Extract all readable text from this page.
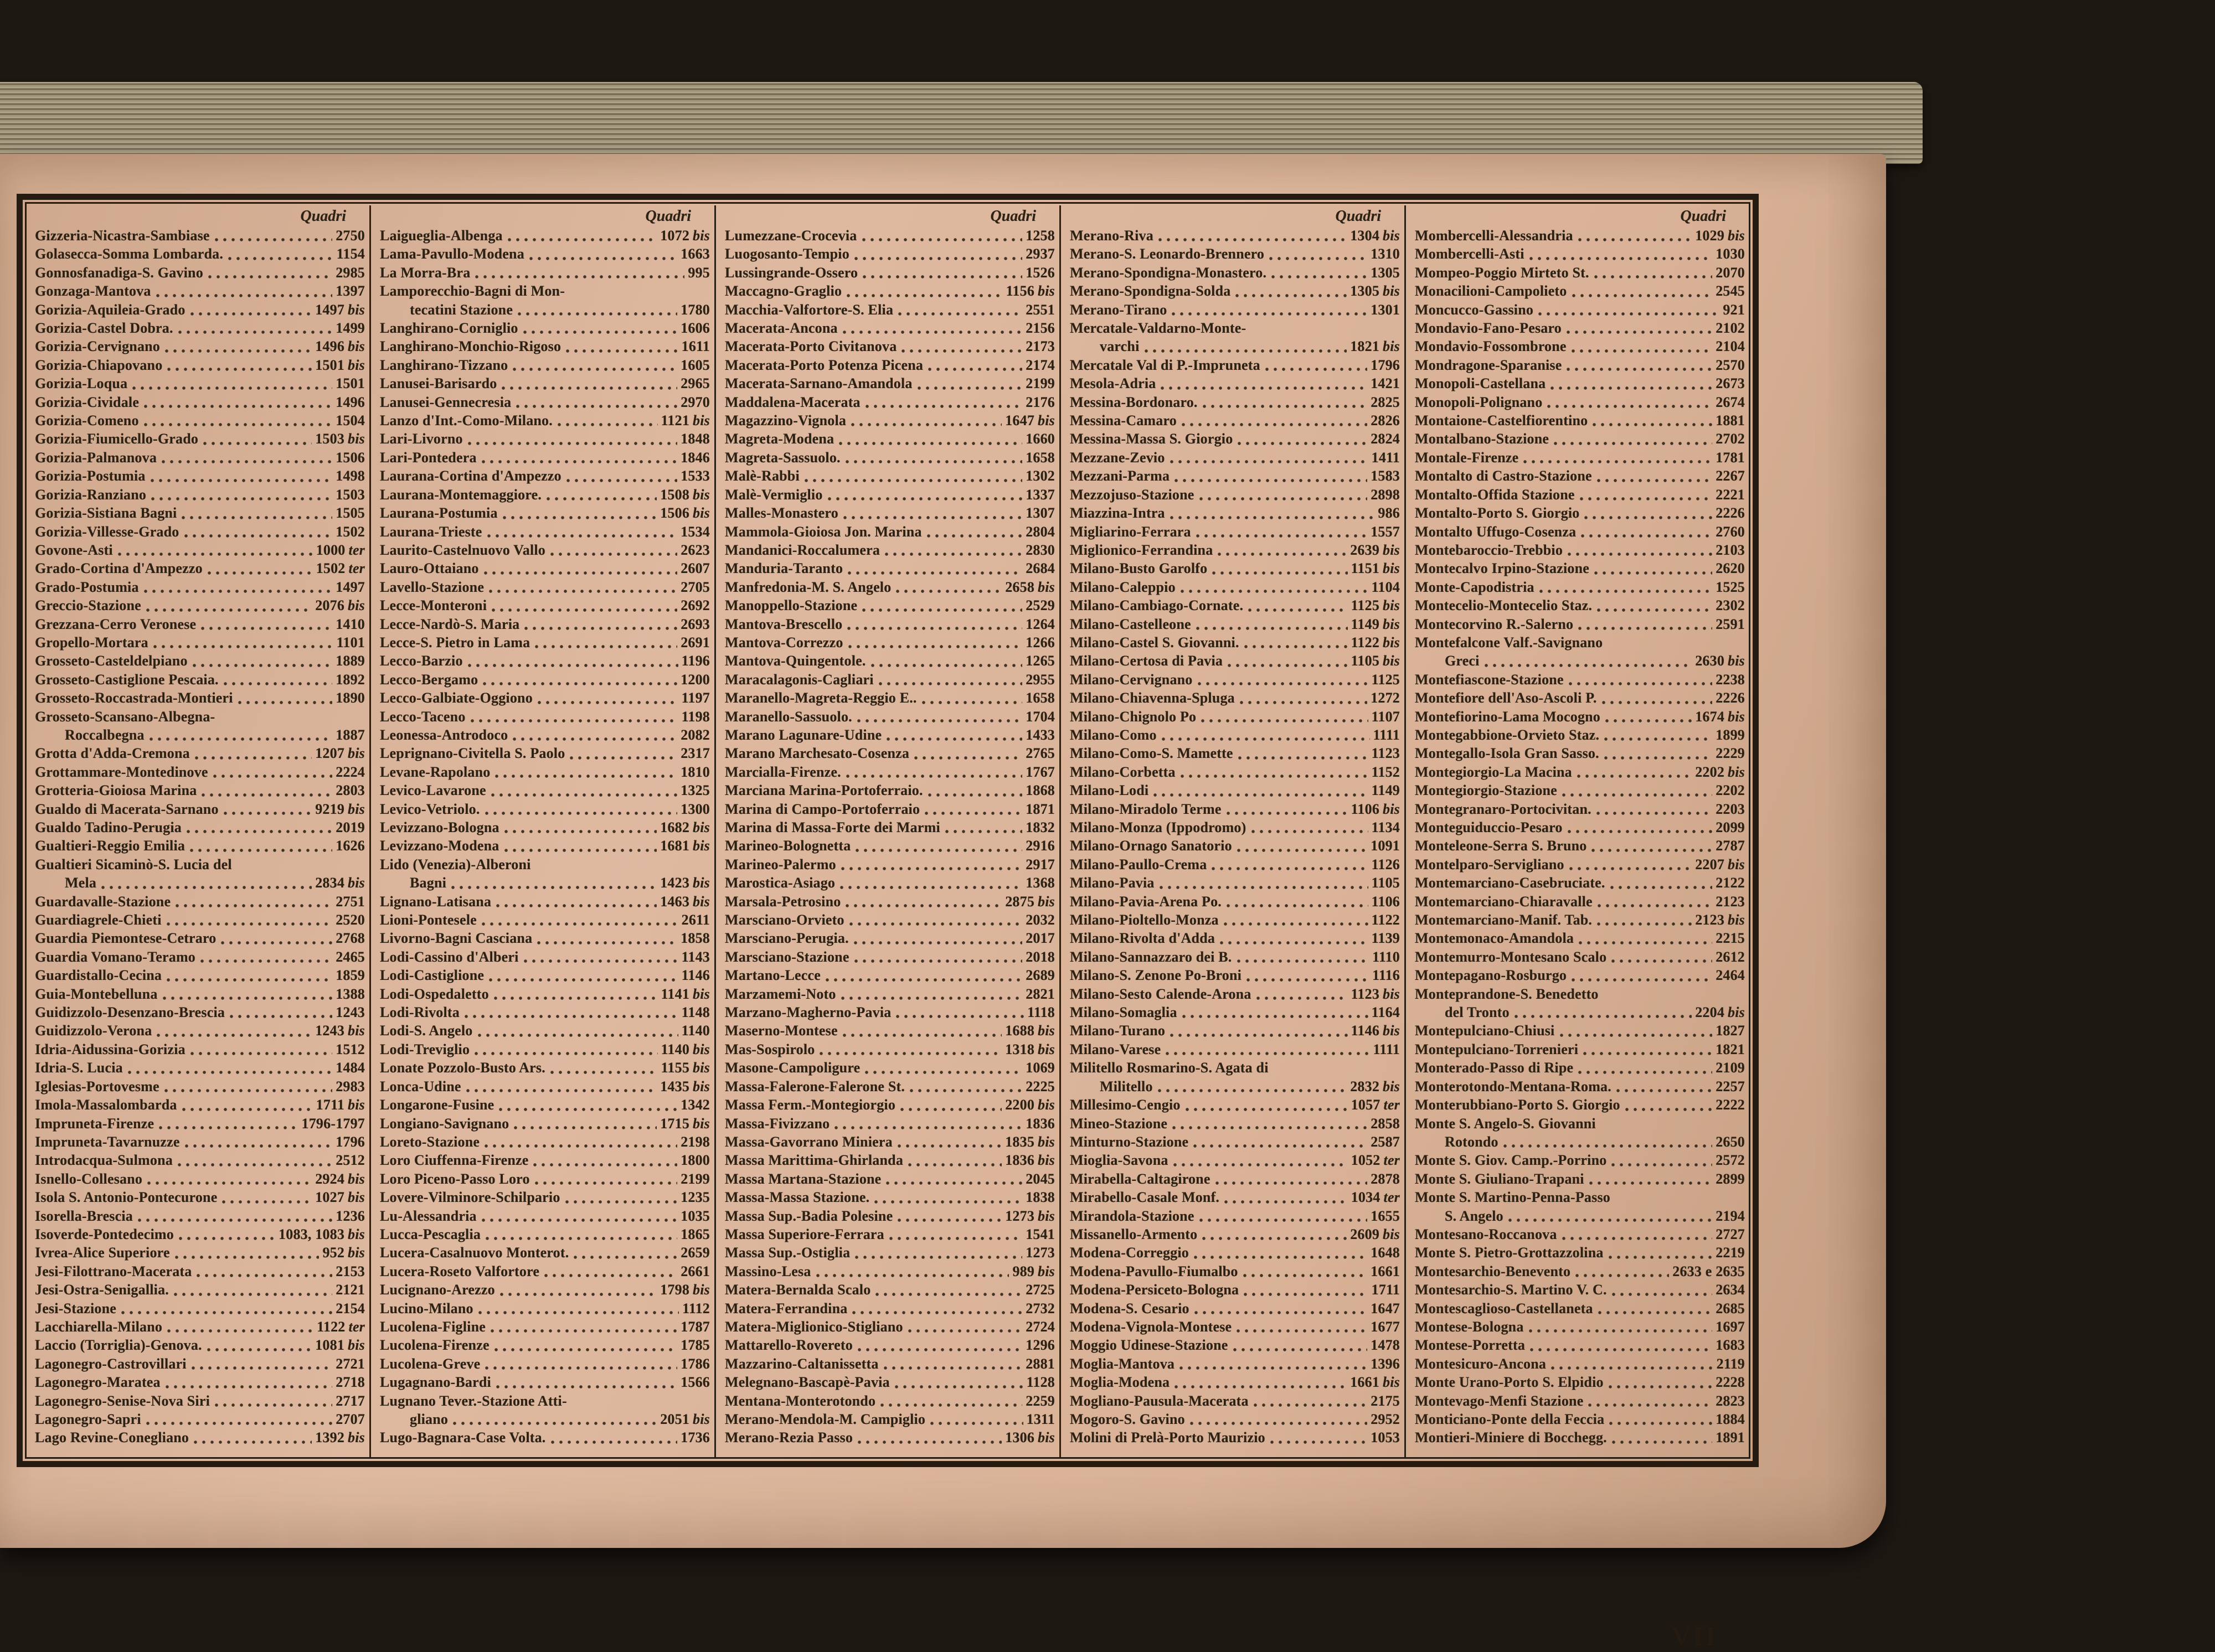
VII
Quadri
Gizzeria-Nicastra-Sambiase	2750
Golasecca-Somma Lombarda.	1154
Gonnosfanadiga-S. Gavino	2985
Gonzaga-Mantova	1397
Gorizia-Aquileia-Grado	1497 bis
Gorizia-Castel Dobra.	1499
Gorizia-Cervignano	1496 bis
Gorizia-Chiapovano	1501 bis
Gorizia-Loqua	1501
Gorizia-Cividale	1496
Gorizia-Comeno	1504
Gorizia-Fiumicello-Grado	1503 bis
Gorizia-Palmanova	1506
Gorizia-Postumia	1498
Gorizia-Ranziano	1503
Gorizia-Sistiana Bagni	1505
Gorizia-Villesse-Grado	1502
Govone-Asti	1000 ter
Grado-Cortina d'Ampezzo	1502 ter
Grado-Postumia	1497
Greccio-Stazione	2076 bis
Grezzana-Cerro Veronese	1410
Gropello-Mortara	1101
Grosseto-Casteldelpiano	1889
Grosseto-Castiglione Pescaia.	1892
Grosseto-Roccastrada-Montieri	1890
Grosseto-Scansano-Albegna-
Roccalbegna	1887
Grotta d'Adda-Cremona	1207 bis
Grottammare-Montedinove	2224
Grotteria-Gioiosa Marina	2803
Gualdo di Macerata-Sarnano	9219 bis
Gualdo Tadino-Perugia	2019
Gualtieri-Reggio Emilia	1626
Gualtieri Sicaminò-S. Lucia del
Mela	2834 bis
Guardavalle-Stazione	2751
Guardiagrele-Chieti	2520
Guardia Piemontese-Cetraro	2768
Guardia Vomano-Teramo	2465
Guardistallo-Cecina	1859
Guia-Montebelluna	1388
Guidizzolo-Desenzano-Brescia	1243
Guidizzolo-Verona	1243 bis
Idria-Aidussina-Gorizia	1512
Idria-S. Lucia	1484
Iglesias-Portovesme	2983
Imola-Massalombarda	1711 bis
Impruneta-Firenze	1796-1797
Impruneta-Tavarnuzze	1796
Introdacqua-Sulmona	2512
Isnello-Collesano	2924 bis
Isola S. Antonio-Pontecurone	1027 bis
Isorella-Brescia	1236
Isoverde-Pontedecimo	1083, 1083 bis
Ivrea-Alice Superiore	952 bis
Jesi-Filottrano-Macerata	2153
Jesi-Ostra-Senigallia.	2121
Jesi-Stazione	2154
Lacchiarella-Milano	1122 ter
Laccio (Torriglia)-Genova.	1081 bis
Lagonegro-Castrovillari	2721
Lagonegro-Maratea	2718
Lagonegro-Senise-Nova Siri	2717
Lagonegro-Sapri	2707
Lago Revine-Conegliano	1392 bis
Quadri
Laigueglia-Albenga	1072 bis
Lama-Pavullo-Modena	1663
La Morra-Bra	995
Lamporecchio-Bagni di Mon-
tecatini Stazione	1780
Langhirano-Corniglio	1606
Langhirano-Monchio-Rigoso	1611
Langhirano-Tizzano	1605
Lanusei-Barisardo	2965
Lanusei-Gennecresia	2970
Lanzo d'Int.-Como-Milano.	1121 bis
Lari-Livorno	1848
Lari-Pontedera	1846
Laurana-Cortina d'Ampezzo	1533
Laurana-Montemaggiore.	1508 bis
Laurana-Postumia	1506 bis
Laurana-Trieste	1534
Laurito-Castelnuovo Vallo	2623
Lauro-Ottaiano	2607
Lavello-Stazione	2705
Lecce-Monteroni	2692
Lecce-Nardò-S. Maria	2693
Lecce-S. Pietro in Lama	2691
Lecco-Barzio	1196
Lecco-Bergamo	1200
Lecco-Galbiate-Oggiono	1197
Lecco-Taceno	1198
Leonessa-Antrodoco	2082
Leprignano-Civitella S. Paolo	2317
Levane-Rapolano	1810
Levico-Lavarone	1325
Levico-Vetriolo.	1300
Levizzano-Bologna	1682 bis
Levizzano-Modena	1681 bis
Lido (Venezia)-Alberoni
Bagni	1423 bis
Lignano-Latisana	1463 bis
Lioni-Pontesele	2611
Livorno-Bagni Casciana	1858
Lodi-Cassino d'Alberi	1143
Lodi-Castiglione	1146
Lodi-Ospedaletto	1141 bis
Lodi-Rivolta	1148
Lodi-S. Angelo	1140
Lodi-Treviglio	1140 bis
Lonate Pozzolo-Busto Ars.	1155 bis
Lonca-Udine	1435 bis
Longarone-Fusine	1342
Longiano-Savignano	1715 bis
Loreto-Stazione	2198
Loro Ciuffenna-Firenze	1800
Loro Piceno-Passo Loro	2199
Lovere-Vilminore-Schilpario	1235
Lu-Alessandria	1035
Lucca-Pescaglia	1865
Lucera-Casalnuovo Monterot.	2659
Lucera-Roseto Valfortore	2661
Lucignano-Arezzo	1798 bis
Lucino-Milano	1112
Lucolena-Figline	1787
Lucolena-Firenze	1785
Lucolena-Greve	1786
Lugagnano-Bardi	1566
Lugnano Tever.-Stazione Atti-
gliano	2051 bis
Lugo-Bagnara-Case Volta.	1736
Quadri
Lumezzane-Crocevia	1258
Luogosanto-Tempio	2937
Lussingrande-Ossero	1526
Maccagno-Graglio	1156 bis
Macchia-Valfortore-S. Elia	2551
Macerata-Ancona	2156
Macerata-Porto Civitanova	2173
Macerata-Porto Potenza Picena	2174
Macerata-Sarnano-Amandola	2199
Maddalena-Macerata	2176
Magazzino-Vignola	1647 bis
Magreta-Modena	1660
Magreta-Sassuolo.	1658
Malè-Rabbi	1302
Malè-Vermiglio	1337
Malles-Monastero	1307
Mammola-Gioiosa Jon. Marina	2804
Mandanici-Roccalumera	2830
Manduria-Taranto	2684
Manfredonia-M. S. Angelo	2658 bis
Manoppello-Stazione	2529
Mantova-Brescello	1264
Mantova-Correzzo	1266
Mantova-Quingentole.	1265
Maracalagonis-Cagliari	2955
Maranello-Magreta-Reggio E..	1658
Maranello-Sassuolo.	1704
Marano Lagunare-Udine	1433
Marano Marchesato-Cosenza	2765
Marcialla-Firenze.	1767
Marciana Marina-Portoferraio.	1868
Marina di Campo-Portoferraio	1871
Marina di Massa-Forte dei Marmi	1832
Marineo-Bolognetta	2916
Marineo-Palermo	2917
Marostica-Asiago	1368
Marsala-Petrosino	2875 bis
Marsciano-Orvieto	2032
Marsciano-Perugia.	2017
Marsciano-Stazione	2018
Martano-Lecce	2689
Marzamemi-Noto	2821
Marzano-Magherno-Pavia	1118
Maserno-Montese	1688 bis
Mas-Sospirolo	1318 bis
Masone-Campoligure	1069
Massa-Falerone-Falerone St.	2225
Massa Ferm.-Montegiorgio	2200 bis
Massa-Fivizzano	1836
Massa-Gavorrano Miniera	1835 bis
Massa Marittima-Ghirlanda	1836 bis
Massa Martana-Stazione	2045
Massa-Massa Stazione.	1838
Massa Sup.-Badia Polesine	1273 bis
Massa Superiore-Ferrara	1541
Massa Sup.-Ostiglia	1273
Massino-Lesa	989 bis
Matera-Bernalda Scalo	2725
Matera-Ferrandina	2732
Matera-Miglionico-Stigliano	2724
Mattarello-Rovereto	1296
Mazzarino-Caltanissetta	2881
Melegnano-Bascapè-Pavia	1128
Mentana-Monterotondo	2259
Merano-Mendola-M. Campiglio	1311
Merano-Rezia Passo	1306 bis
Quadri
Merano-Riva	1304 bis
Merano-S. Leonardo-Brennero	1310
Merano-Spondigna-Monastero.	1305
Merano-Spondigna-Solda	1305 bis
Merano-Tirano	1301
Mercatale-Valdarno-Monte-
varchi	1821 bis
Mercatale Val di P.-Impruneta	1796
Mesola-Adria	1421
Messina-Bordonaro.	2825
Messina-Camaro	2826
Messina-Massa S. Giorgio	2824
Mezzane-Zevio	1411
Mezzani-Parma	1583
Mezzojuso-Stazione	2898
Miazzina-Intra	986
Migliarino-Ferrara	1557
Miglionico-Ferrandina	2639 bis
Milano-Busto Garolfo	1151 bis
Milano-Caleppio	1104
Milano-Cambiago-Cornate.	1125 bis
Milano-Castelleone	1149 bis
Milano-Castel S. Giovanni.	1122 bis
Milano-Certosa di Pavia	1105 bis
Milano-Cervignano	1125
Milano-Chiavenna-Spluga	1272
Milano-Chignolo Po	1107
Milano-Como	1111
Milano-Como-S. Mamette	1123
Milano-Corbetta	1152
Milano-Lodi	1149
Milano-Miradolo Terme	1106 bis
Milano-Monza (Ippodromo)	1134
Milano-Ornago Sanatorio	1091
Milano-Paullo-Crema	1126
Milano-Pavia	1105
Milano-Pavia-Arena Po.	1106
Milano-Pioltello-Monza	1122
Milano-Rivolta d'Adda	1139
Milano-Sannazzaro dei B.	1110
Milano-S. Zenone Po-Broni	1116
Milano-Sesto Calende-Arona	1123 bis
Milano-Somaglia	1164
Milano-Turano	1146 bis
Milano-Varese	1111
Militello Rosmarino-S. Agata di
Militello	2832 bis
Millesimo-Cengio	1057 ter
Mineo-Stazione	2858
Minturno-Stazione	2587
Mioglia-Savona	1052 ter
Mirabella-Caltagirone	2878
Mirabello-Casale Monf.	1034 ter
Mirandola-Stazione	1655
Missanello-Armento	2609 bis
Modena-Correggio	1648
Modena-Pavullo-Fiumalbo	1661
Modena-Persiceto-Bologna	1711
Modena-S. Cesario	1647
Modena-Vignola-Montese	1677
Moggio Udinese-Stazione	1478
Moglia-Mantova	1396
Moglia-Modena	1661 bis
Mogliano-Pausula-Macerata	2175
Mogoro-S. Gavino	2952
Molini di Prelà-Porto Maurizio	1053
Quadri
Mombercelli-Alessandria	1029 bis
Mombercelli-Asti	1030
Mompeo-Poggio Mirteto St.	2070
Monacilioni-Campolieto	2545
Moncucco-Gassino	921
Mondavio-Fano-Pesaro	2102
Mondavio-Fossombrone	2104
Mondragone-Sparanise	2570
Monopoli-Castellana	2673
Monopoli-Polignano	2674
Montaione-Castelfiorentino	1881
Montalbano-Stazione	2702
Montale-Firenze	1781
Montalto di Castro-Stazione	2267
Montalto-Offida Stazione	2221
Montalto-Porto S. Giorgio	2226
Montalto Uffugo-Cosenza	2760
Montebaroccio-Trebbio	2103
Montecalvo Irpino-Stazione	2620
Monte-Capodistria	1525
Montecelio-Montecelio Staz.	2302
Montecorvino R.-Salerno	2591
Montefalcone Valf.-Savignano
Greci	2630 bis
Montefiascone-Stazione	2238
Montefiore dell'Aso-Ascoli P.	2226
Montefiorino-Lama Mocogno	1674 bis
Montegabbione-Orvieto Staz.	1899
Montegallo-Isola Gran Sasso.	2229
Montegiorgio-La Macina	2202 bis
Montegiorgio-Stazione	2202
Montegranaro-Portocivitan.	2203
Monteguiduccio-Pesaro	2099
Monteleone-Serra S. Bruno	2787
Montelparo-Servigliano	2207 bis
Montemarciano-Casebruciate.	2122
Montemarciano-Chiaravalle	2123
Montemarciano-Manif. Tab.	2123 bis
Montemonaco-Amandola	2215
Montemurro-Montesano Scalo	2612
Montepagano-Rosburgo	2464
Monteprandone-S. Benedetto
del Tronto	2204 bis
Montepulciano-Chiusi	1827
Montepulciano-Torrenieri	1821
Monterado-Passo di Ripe	2109
Monterotondo-Mentana-Roma.	2257
Monterubbiano-Porto S. Giorgio	2222
Monte S. Angelo-S. Giovanni
Rotondo	2650
Monte S. Giov. Camp.-Porrino	2572
Monte S. Giuliano-Trapani	2899
Monte S. Martino-Penna-Passo
S. Angelo	2194
Montesano-Roccanova	2727
Monte S. Pietro-Grottazzolina	2219
Montesarchio-Benevento	2633 e 2635
Montesarchio-S. Martino V. C.	2634
Montescaglioso-Castellaneta	2685
Montese-Bologna	1697
Montese-Porretta	1683
Montesicuro-Ancona	2119
Monte Urano-Porto S. Elpidio	2228
Montevago-Menfi Stazione	2823
Monticiano-Ponte della Feccia	1884
Montieri-Miniere di Bocchegg.	1891
